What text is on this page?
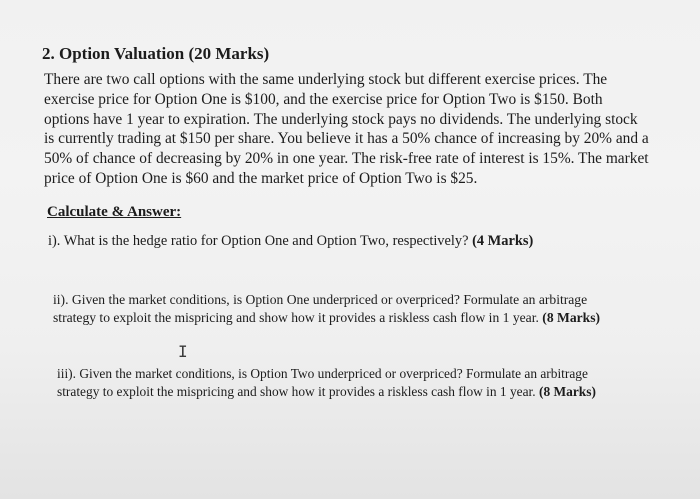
2. Option Valuation (20 Marks)
There are two call options with the same underlying stock but different exercise prices. The
exercise price for Option One is $100, and the exercise price for Option Two is $150. Both
options have 1 year to expiration. The underlying stock pays no dividends. The underlying stock
is currently trading at $150 per share. You believe it has a 50% chance of increasing by 20% and a
50% of chance of decreasing by 20% in one year. The risk-free rate of interest is 15%. The market
price of Option One is $60 and the market price of Option Two is $25.
Calculate & Answer:
i). What is the hedge ratio for Option One and Option Two, respectively? (4 Marks)
ii). Given the market conditions, is Option One underpriced or overpriced? Formulate an arbitrage
strategy to exploit the mispricing and show how it provides a riskless cash flow in 1 year. (8 Marks)
I
iii). Given the market conditions, is Option Two underpriced or overpriced? Formulate an arbitrage
strategy to exploit the mispricing and show how it provides a riskless cash flow in 1 year. (8 Marks)
